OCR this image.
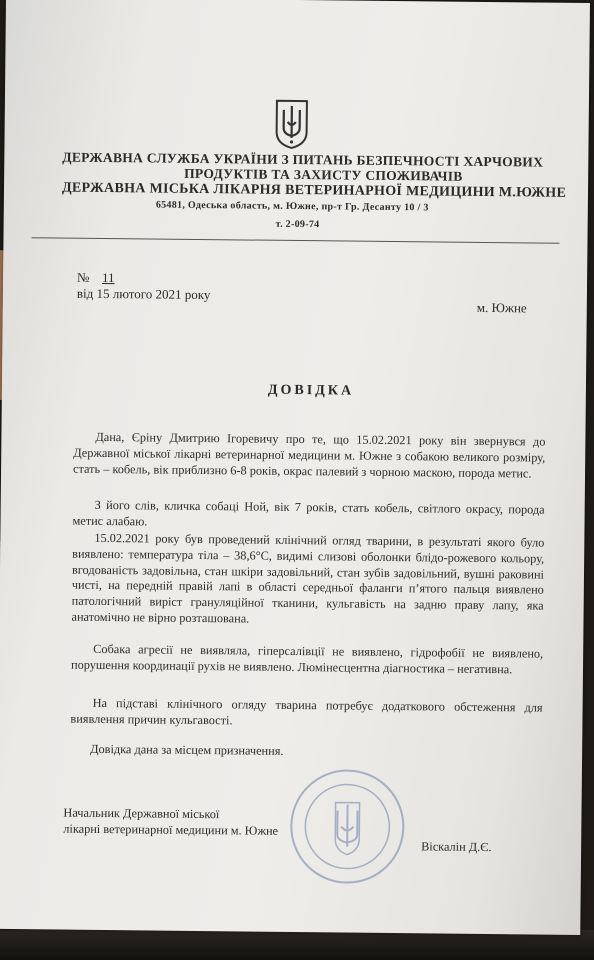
ДЕРЖАВНА СЛУЖБА УКРАЇНИ З ПИТАНЬ БЕЗПЕЧНОСТІ ХАРЧОВИХ
ПРОДУКТІВ ТА ЗАХИСТУ СПОЖИВАЧІВ
ДЕРЖАВНА МІСЬКА ЛІКАРНЯ ВЕТЕРИНАРНОЇ МЕДИЦИНИ М.ЮЖНЕ
65481, Одеська область, м. Южне, пр-т Гр. Десанту 10 / 3
т. 2-09-74
№ 11
від 15 лютого 2021 року
м. Южне
ДОВІДКА
Дана, Єріну Дмитрию Ігоревичу про те, що 15.02.2021 року він звернувся до Державної міської лікарні ветеринарної медицини м. Южне з собакою великого розміру, стать – кобель, вік приблизно 6-8 років, окрас палевий з чорною маскою, порода метис.
З його слів, кличка собаці Ной, вік 7 років, стать кобель, світлого окрасу, порода метис алабаю.
15.02.2021 року був проведений клінічний огляд тварини, в результаті якого було виявлено: температура тіла – 38,6°С, видимі слизові оболонки блідо-рожевого кольору, вгодованість задовільна, стан шкіри задовільний, стан зубів задовільний, вушні раковині чисті, на передній правій лапі в області середньої фаланги п’ятого пальця виявлено патологічний вирiст грануляційної тканини, кульгавість на задню праву лапу, яка анатомічно не вірно розташована.
Собака агресії не виявляла, гіперсалівції не виявлено, гідрофобії не виявлено, порушення координації рухів не виявлено. Люмінесцентна діагностика – негативна.
На підставі клінічного огляду тварина потребує додаткового обстеження для виявлення причин кульгавості.
Довідка дана за місцем призначення.
Начальник Державної міської
лікарні ветеринарної медицини м. Южне
Віскалін Д.Є.
